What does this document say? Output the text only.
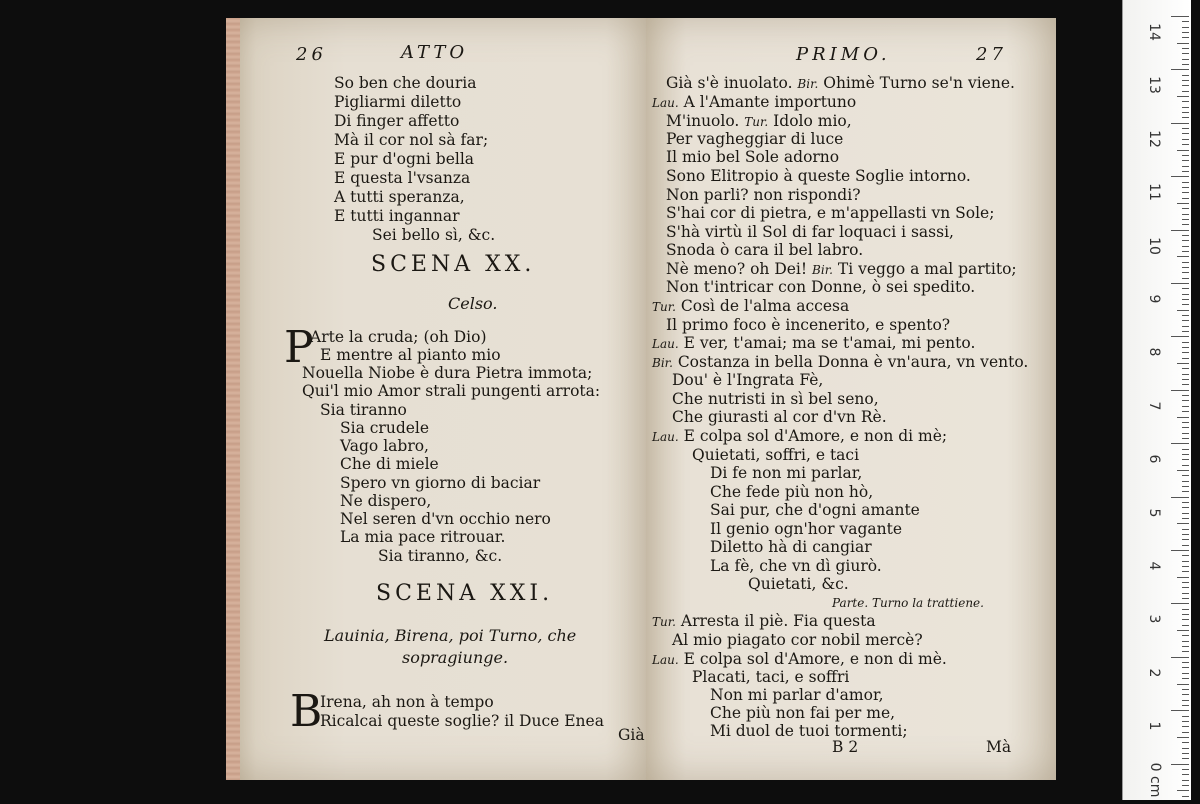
26	ATTO
So ben che douria
Pigliarmi diletto
Di finger affetto
Mà il cor nol sà far;
E pur d'ogni bella
E questa l'vsanza
A tutti speranza,
E tutti ingannar
Sei bello sì, &c.
SCENA XX.
Celso.
P
Arte la cruda; (oh Dio)
E mentre al pianto mio
Nouella Niobe è dura Pietra immota;
Qui'l mio Amor strali pungenti arrota:
Sia tiranno
Sia crudele
Vago labro,
Che di miele
Spero vn giorno di baciar
Ne dispero,
Nel seren d'vn occhio nero
La mia pace ritrouar.
Sia tiranno, &c.
SCENA XXI.
Lauinia, Birena, poi Turno, che
sopragiunge.
B
Irena, ah non à tempo
Ricalcai queste soglie? il Duce Enea
Già
PRIMO.	27
Già s'è inuolato. Bir. Ohimè Turno se'n viene.
Lau. A l'Amante importuno
M'inuolo. Tur. Idolo mio,
Per vagheggiar di luce
Il mio bel Sole adorno
Sono Elitropio à queste Soglie intorno.
Non parli? non rispondi?
S'hai cor di pietra, e m'appellasti vn Sole;
S'hà virtù il Sol di far loquaci i sassi,
Snoda ò cara il bel labro.
Nè meno? oh Dei! Bir. Ti veggo a mal partito;
Non t'intricar con Donne, ò sei spedito.
Tur. Così de l'alma accesa
Il primo foco è incenerito, e spento?
Lau. E ver, t'amai; ma se t'amai, mi pento.
Bir. Costanza in bella Donna è vn'aura, vn vento.
Dou' è l'Ingrata Fè,
Che nutristi in sì bel seno,
Che giurasti al cor d'vn Rè.
Lau. E colpa sol d'Amore, e non di mè;
Quietati, soffri, e taci
Di fe non mi parlar,
Che fede più non hò,
Sai pur, che d'ogni amante
Il genio ogn'hor vagante
Diletto hà di cangiar
La fè, che vn dì giurò.
Quietati, &c.
Parte. Turno la trattiene.
Tur. Arresta il piè. Fia questa
Al mio piagato cor nobil mercè?
Lau. E colpa sol d'Amore, e non di mè.
Placati, taci, e soffri
Non mi parlar d'amor,
Che più non fai per me,
Mi duol de tuoi tormenti;
B 2	Mà
14
13
12
11
10
9
8
7
6
5
4
3
2
1
0 cm
